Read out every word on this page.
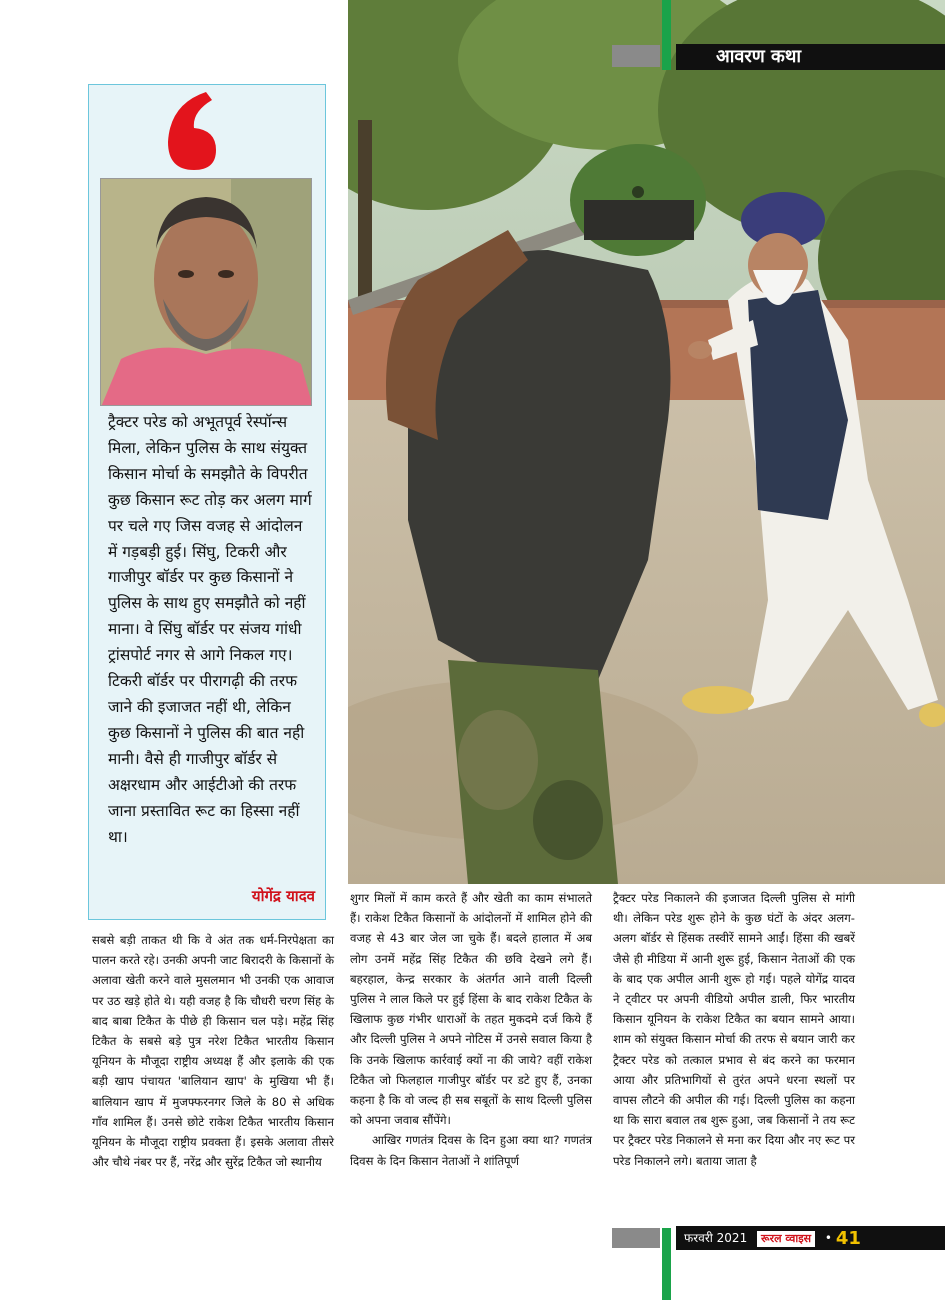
आवरण कथा

ट्रैक्टर परेड को अभूतपूर्व रेस्पॉन्स मिला, लेकिन पुलिस के साथ संयुक्त किसान मोर्चा के समझौते के विपरीत कुछ किसान रूट तोड़ कर अलग मार्ग पर चले गए जिस वजह से आंदोलन में गड़बड़ी हुई। सिंघु, टिकरी और गाजीपुर बॉर्डर पर कुछ किसानों ने पुलिस के साथ हुए समझौते को नहीं माना। वे सिंघु बॉर्डर पर संजय गांधी ट्रांसपोर्ट नगर से आगे निकल गए। टिकरी बॉर्डर पर पीरागढ़ी की तरफ जाने की इजाजत नहीं थी, लेकिन कुछ किसानों ने पुलिस की बात नही मानी। वैसे ही गाजीपुर बॉर्डर से अक्षरधाम और आईटीओ की तरफ जाना प्रस्तावित रूट का हिस्सा नहीं था।

योगेंद्र यादव

सबसे बड़ी ताकत थी कि वे अंत तक धर्म-निरपेक्षता का पालन करते रहे। उनकी अपनी जाट बिरादरी के किसानों के अलावा खेती करने वाले मुसलमान भी उनकी एक आवाज पर उठ खड़े होते थे। यही वजह है कि चौधरी चरण सिंह के बाद बाबा टिकैत के पीछे ही किसान चल पड़े। महेंद्र सिंह टिकैत के सबसे बड़े पुत्र नरेश टिकैत भारतीय किसान यूनियन के मौजूदा राष्ट्रीय अध्यक्ष हैं और इलाके की एक बड़ी खाप पंचायत 'बालियान खाप' के मुखिया भी हैं। बालियान खाप में मुजफ्फरनगर जिले के 80 से अधिक गाँव शामिल हैं। उनसे छोटे राकेश टिकैत भारतीय किसान यूनियन के मौजूदा राष्ट्रीय प्रवक्ता हैं। इसके अलावा तीसरे और चौथे नंबर पर हैं, नरेंद्र और सुरेंद्र टिकैत जो स्थानीय

शुगर मिलों में काम करते हैं और खेती का काम संभालते हैं। राकेश टिकैत किसानों के आंदोलनों में शामिल होने की वजह से 43 बार जेल जा चुके हैं। बदले हालात में अब लोग उनमें महेंद्र सिंह टिकैत की छवि देखने लगे हैं। बहरहाल, केन्द्र सरकार के अंतर्गत आने वाली दिल्ली पुलिस ने लाल किले पर हुई हिंसा के बाद राकेश टिकैत के खिलाफ कुछ गंभीर धाराओं के तहत मुकदमे दर्ज किये हैं और दिल्ली पुलिस ने अपने नोटिस में उनसे सवाल किया है कि उनके खिलाफ कार्रवाई क्यों ना की जाये? वहीं राकेश टिकैत जो फिलहाल गाजीपुर बॉर्डर पर डटे हुए हैं, उनका कहना है कि वो जल्द ही सब सबूतों के साथ दिल्ली पुलिस को अपना जवाब सौंपेंगे।

आखिर गणतंत्र दिवस के दिन हुआ क्या था? गणतंत्र दिवस के दिन किसान नेताओं ने शांतिपूर्ण

ट्रैक्टर परेड निकालने की इजाजत दिल्ली पुलिस से मांगी थी। लेकिन परेड शुरू होने के कुछ घंटों के अंदर अलग-अलग बॉर्डर से हिंसक तस्वीरें सामने आईं। हिंसा की खबरें जैसे ही मीडिया में आनी शुरू हुई, किसान नेताओं की एक के बाद एक अपील आनी शुरू हो गई। पहले योगेंद्र यादव ने ट्वीटर पर अपनी वीडियो अपील डाली, फिर भारतीय किसान यूनियन के राकेश टिकैत का बयान सामने आया। शाम को संयुक्त किसान मोर्चा की तरफ से बयान जारी कर ट्रैक्टर परेड को तत्काल प्रभाव से बंद करने का फरमान आया और प्रतिभागियों से तुरंत अपने धरना स्थलों पर वापस लौटने की अपील की गई। दिल्ली पुलिस का कहना था कि सारा बवाल तब शुरू हुआ, जब किसानों ने तय रूट पर ट्रैक्टर परेड निकालने से मना कर दिया और नए रूट पर परेड निकालने लगे। बताया जाता है

फरवरी 2021 रूरल व्वाइस • 41
